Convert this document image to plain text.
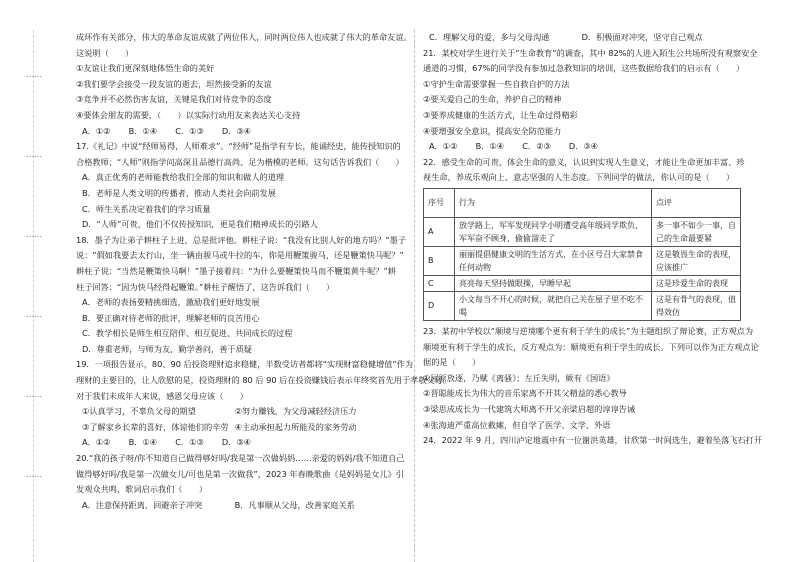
……
……
……
……
……
……
成环作有关部分，伟大的革命友谊成就了两位伟人，同时两位伟人也成就了伟大的革命友谊。
这说明（　　）
①友谊让我们更深刻地体悟生命的美好
②我们要学会接受一段友谊的逝去，坦然接受新的友谊
③竞争并不必然伤害友谊，关键是我们对待竞争的态度
④要体会朋友的需要，（　　）以实际行动用友来表达关心支持
A．①② B．①④ C．①③ D．③④
17.《礼记》中说“经师易得，人师难求”。“经师”是指学有专长，能诵经史，能传授知识的
合格教师；“人师”则指学问高深且品德行高尚、足为楷模的老师。这句话告诉我们（　　）
A．真正优秀的老师能教给我们全部的知识和做人的道理
B．老师是人类文明的传播者，推动人类社会向前发展
C．师生关系决定着我们的学习质量
D．“人师”可贵，他们不仅传授知识，更是我们精神成长的引路人
18．墨子为让弟子耕柱子上进，总是批评他。耕柱子说：“我没有比别人好的地方吗？”墨子
说：“假如我要去太行山，坐一辆由骏马或牛拉的车，你是用鞭策骏马，还是鞭策快马呢？”
耕柱子说：“当然是鞭策快马啊！”墨子接着问：“为什么要鞭策快马而不鞭策黄牛呢？”耕
柱子回答：“因为快马经得起鞭策。”耕柱子醒悟了，这告诉我们（　　）
A．老师的表扬要精挑细选，激励我们更好地发展
B．要正确对待老师的批评，理解老师的良苦用心
C．教学相长是师生相互陪伴、相互促进、共同成长的过程
D．尊重老师，与师为友，勤学善问，善于质疑
19．一项报告显示，80、90 后投资理财追求稳健，半数受访者都将“实现财富稳健增值”作为
理财的主要目的，让人欣慰的是，投资理财的 80 后 90 后在投资赚钱后表示年终奖首先用于孝敬父母。
对于我们未成年人来说，感恩父母应该（　　）
①认真学习，不辜负父母的期望	②努力赚钱，为父母减轻经济压力
③了解家乡长辈的喜好，体谅他们的辛劳 ④主动承担起力所能及的家务劳动
A．①② B．①④ C．①③ D．③④
20.“我的孩子呀/你不知道自己做得够好吗/我是第一次做妈妈……亲爱的妈妈/我不知道自己
做得够好吗/我是第一次做女儿/可也是第一次做我”，2023 年春晚歌曲《是妈妈是女儿》引
发观众共鸣，歌词启示我们（　　）
A．注意保持距离，回避亲子冲突	B．凡事顺从父母，改善家庭关系
C．理解父母的爱，多与父母沟通	D．积极面对冲突，坚守自己观点
21．某校对学生进行关于“生命教育”的调查，其中 82%的人进入陌生公共场所没有观察安全
通道的习惯，67%的同学没有参加过急救知识的培训，这些数据给我们的启示有（　　）
①守护生命需要掌握一些自救自护的方法
②要关爱自己的生命，养护自己的精神
③要养成健康的生活方式，让生命过得精彩
④要增强安全意识，提高安全防范能力
A．①② B．①④ C．②③ D．③④
22．感受生命的可贵，体会生命的意义，认识到实现人生意义，才能让生命更加丰富、珍
视生命，养成乐观向上、意志坚强的人生态度。下列同学的做法，你认可的是（　　）
序号	行为	点评
A	放学路上，军军发现同学小明遭受高年级同学欺负，军军奋不顾身，偷偷溜走了	多一事不如少一事，自己的生命最要紧
B	丽丽提倡健康文明的生活方式，在小区号召大家禁食任何动物	这是敬畏生命的表现，应该推广
C	亮亮每天坚持做眼操，早睡早起	这是珍爱生命的表现
D	小文每当不开心的时候，就把自己关在屋子里不吃不喝	这是有骨气的表现，值得效仿
23．某初中学校以“顺境与逆境哪个更有利于学生的成长”为主题组织了辩论赛，正方观点为
顺境更有利于学生的成长，反方观点为：顺境更有利于学生的成长。下列可以作为正方观点论
据的是（　　）
①屈原放逐，乃赋《离骚》；左丘失明，厥有《国语》
②晋聪能成长为伟大的音乐家离不开其父精益的悉心教导
③梁思成成长为一代建筑大师离不开父亲梁启超的谆谆告诫
④张海迪严重高位截瘫，但自学了医学、文学、外语
24．2022 年 9 月，四川泸定地震中有一位谢洪英雄，甘欣第一时间选生，避着坠落飞石打开
